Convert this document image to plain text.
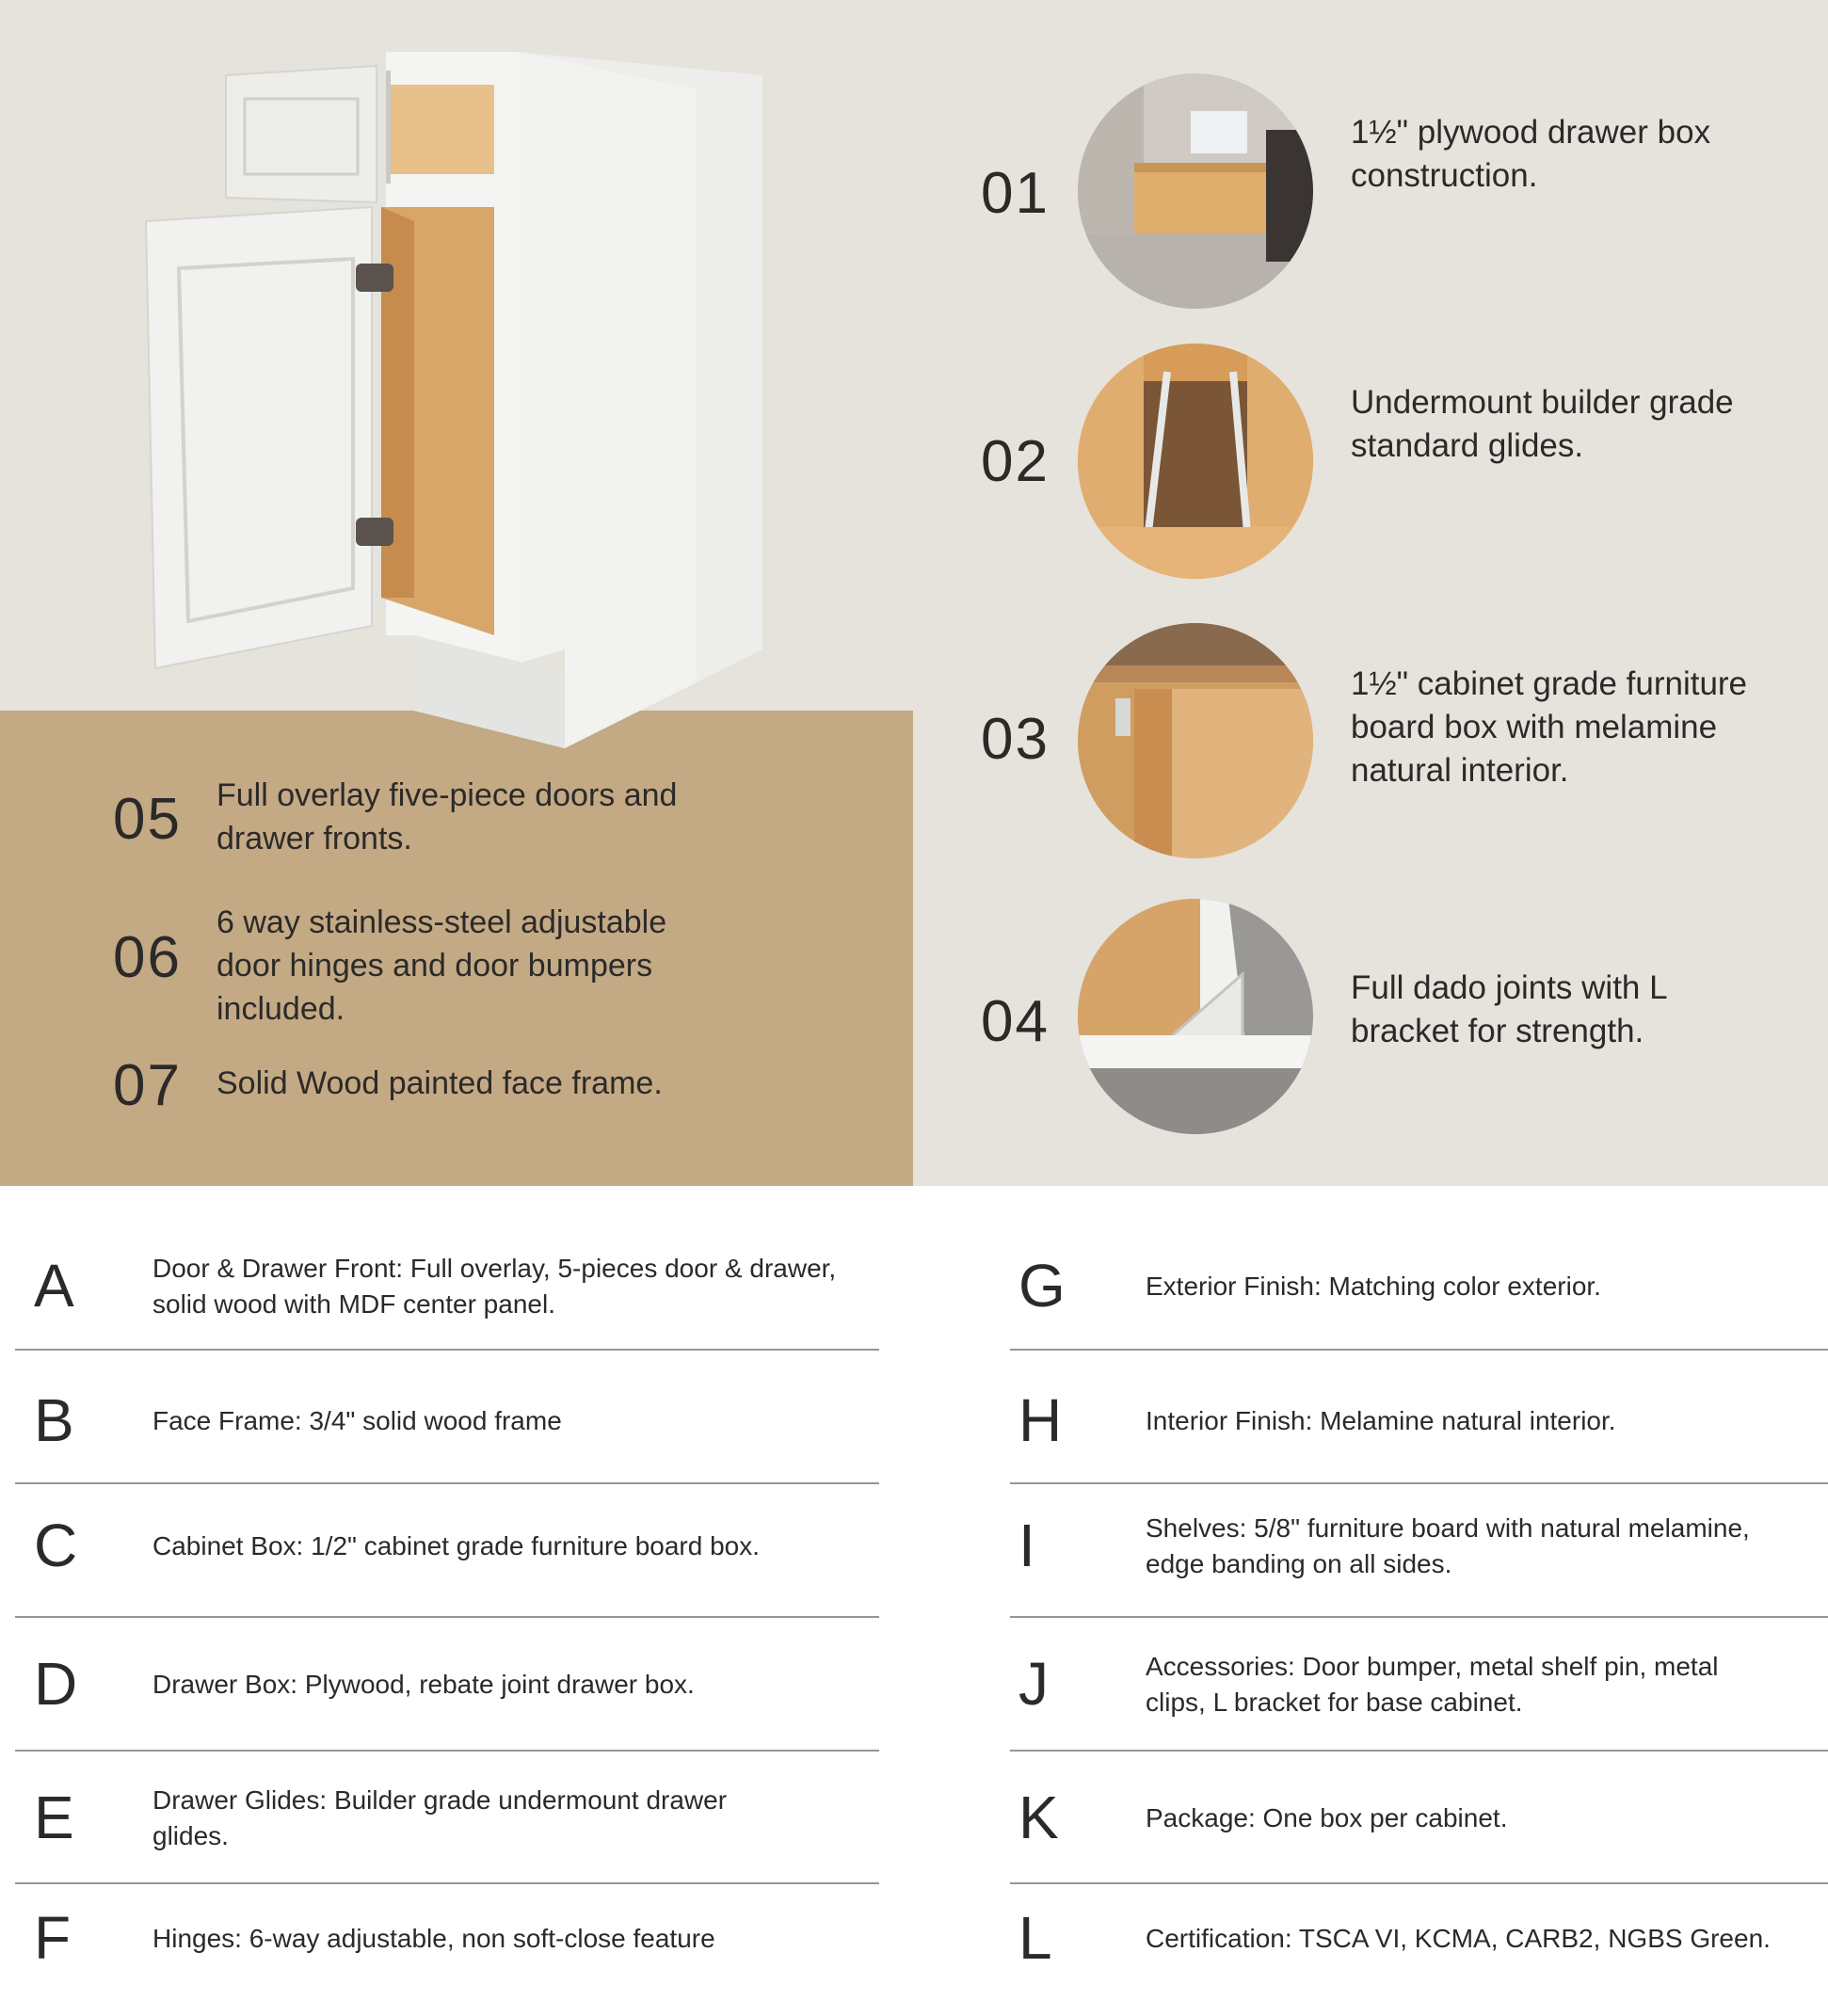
05 Full overlay five-piece doors and
drawer fronts.
06
6 way stainless-steel adjustable
door hinges and door bumpers
included.
07 Solid Wood painted face frame.
01
1½" plywood drawer box
construction.
02
Undermount builder grade
standard glides.
03
1½" cabinet grade furniture
board box with melamine
natural interior.
04
Full dado joints with L
bracket for strength.
A	Door & Drawer Front: Full overlay, 5-pieces door & drawer,
solid wood with MDF center panel.
B	Face Frame: 3/4" solid wood frame
C	Cabinet Box: 1/2" cabinet grade furniture board box.
D	Drawer Box: Plywood, rebate joint drawer box.
E	Drawer Glides: Builder grade undermount drawer
glides.
F	Hinges: 6-way adjustable, non soft-close feature
G	Exterior Finish: Matching color exterior.
H	Interior Finish: Melamine natural interior.
I	Shelves: 5/8" furniture board with natural melamine,
edge banding on all sides.
J	Accessories: Door bumper, metal shelf pin, metal
clips, L bracket for base cabinet.
K	Package: One box per cabinet.
L	Certification: TSCA VI, KCMA, CARB2, NGBS Green.
